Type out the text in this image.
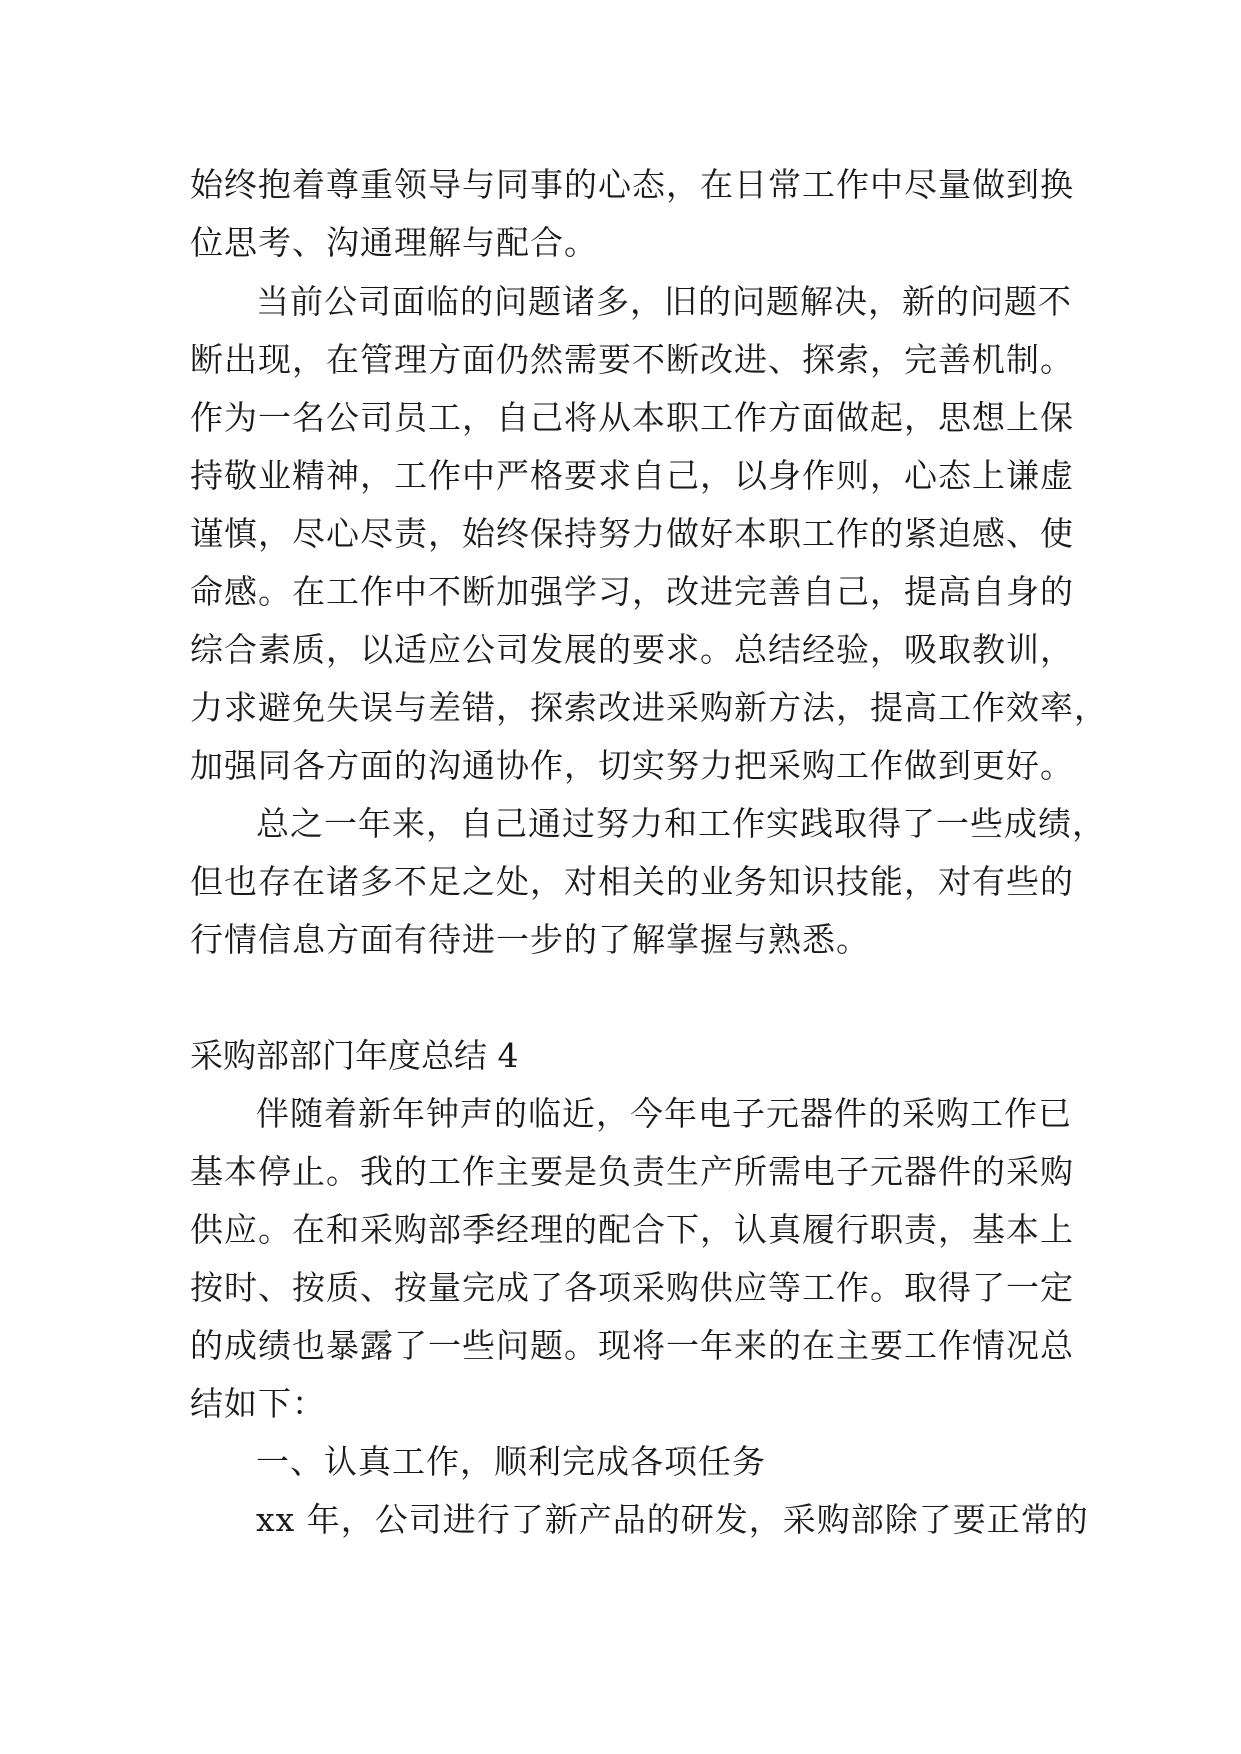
始终抱着尊重领导与同事的心态，在日常工作中尽量做到换
位思考、沟通理解与配合。
当前公司面临的问题诸多，旧的问题解决，新的问题不
断出现，在管理方面仍然需要不断改进、探索，完善机制。
作为一名公司员工，自己将从本职工作方面做起，思想上保
持敬业精神，工作中严格要求自己，以身作则，心态上谦虚
谨慎，尽心尽责，始终保持努力做好本职工作的紧迫感、使
命感。在工作中不断加强学习，改进完善自己，提高自身的
综合素质，以适应公司发展的要求。总结经验，吸取教训，
力求避免失误与差错，探索改进采购新方法，提高工作效率，
加强同各方面的沟通协作，切实努力把采购工作做到更好。
总之一年来，自己通过努力和工作实践取得了一些成绩，
但也存在诸多不足之处，对相关的业务知识技能，对有些的
行情信息方面有待进一步的了解掌握与熟悉。
采购部部门年度总结 4
伴随着新年钟声的临近，今年电子元器件的采购工作已
基本停止。我的工作主要是负责生产所需电子元器件的采购
供应。在和采购部季经理的配合下，认真履行职责，基本上
按时、按质、按量完成了各项采购供应等工作。取得了一定
的成绩也暴露了一些问题。现将一年来的在主要工作情况总
结如下：
一、认真工作，顺利完成各项任务
xx 年，公司进行了新产品的研发，采购部除了要正常的
